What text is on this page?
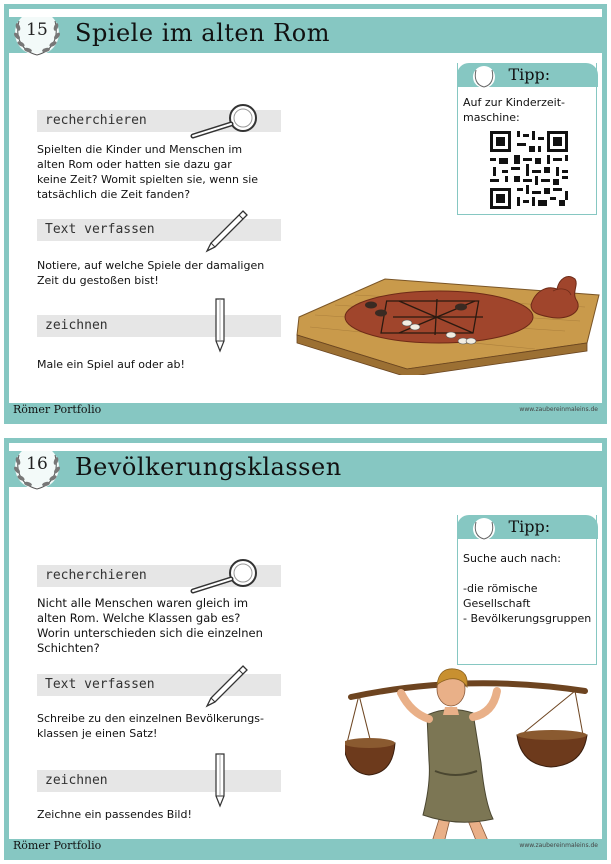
Spiele im alten Rom
15
recherchieren
Spielten die Kinder und Menschen im
alten Rom oder hatten sie dazu gar
keine Zeit? Womit spielten sie, wenn sie
tatsächlich die Zeit fanden?
Text verfassen
Notiere, auf welche Spiele der damaligen
Zeit du gestoßen bist!
zeichnen
Male ein Spiel auf oder ab!
Tipp:
Auf zur Kinderzeit-
maschine:
Römer Portfolio	www.zaubereinmaleins.de
Bevölkerungsklassen
16
recherchieren
Nicht alle Menschen waren gleich im
alten Rom. Welche Klassen gab es?
Worin unterschieden sich die einzelnen
Schichten?
Text verfassen
Schreibe zu den einzelnen Bevölkerungs-
klassen je einen Satz!
zeichnen
Zeichne ein passendes Bild!
Tipp:
Suche auch nach:

-die römische
Gesellschaft
- Bevölkerungsgruppen
Römer Portfolio	www.zaubereinmaleins.de
